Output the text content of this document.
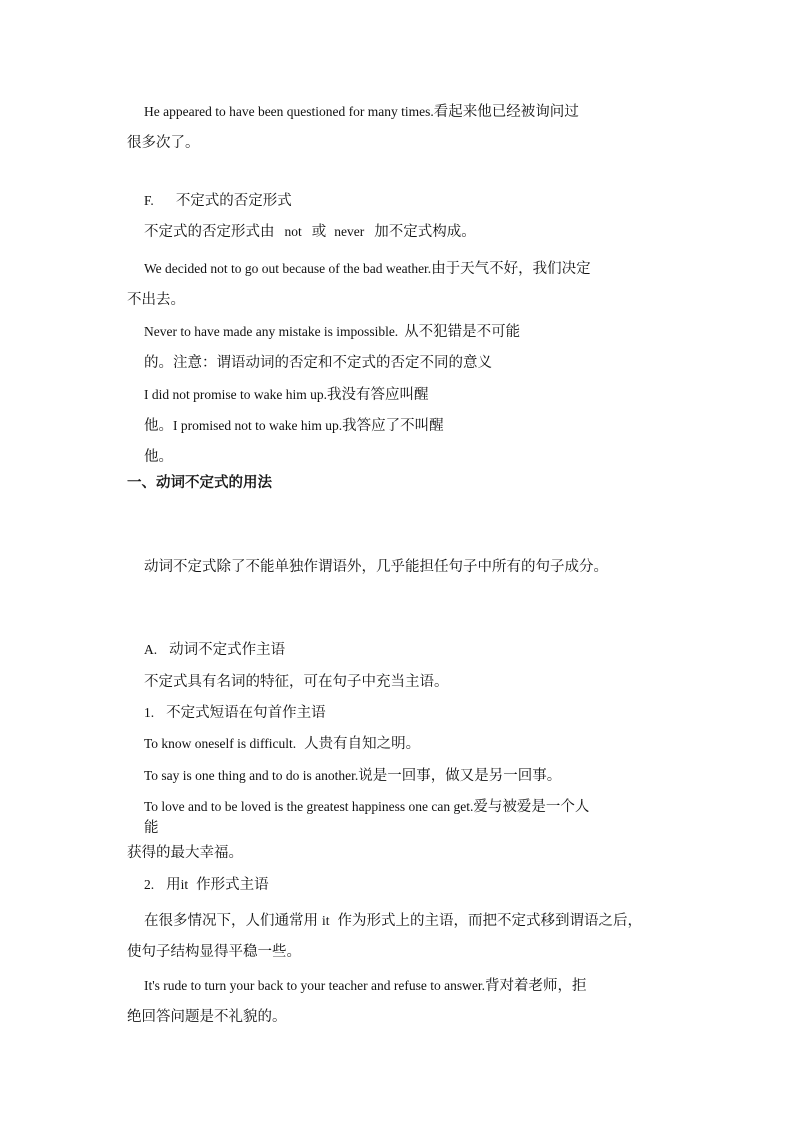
He appeared to have been questioned for many times.看起来他已经被询问过
很多次了。
F. 不定式的否定形式
不定式的否定形式由 not 或 never 加不定式构成。
We decided not to go out because of the bad weather.由于天气不好，我们决定
不出去。
Never to have made any mistake is impossible. 从不犯错是不可能
的。注意：谓语动词的否定和不定式的否定不同的意义
I did not promise to wake him up.我没有答应叫醒
他。I promised not to wake him up.我答应了不叫醒
他。
一、动词不定式的用法
动词不定式除了不能单独作谓语外，几乎能担任句子中所有的句子成分。
A. 动词不定式作主语
不定式具有名词的特征，可在句子中充当主语。
1. 不定式短语在句首作主语
To know oneself is difficult. 人贵有自知之明。
To say is one thing and to do is another.说是一回事，做又是另一回事。
To love and to be loved is the greatest happiness one can get.爱与被爱是一个人
能
获得的最大幸福。
2. 用it 作形式主语
在很多情况下，人们通常用 it 作为形式上的主语，而把不定式移到谓语之后，
使句子结构显得平稳一些。
It's rude to turn your back to your teacher and refuse to answer.背对着老师，拒
绝回答问题是不礼貌的。
